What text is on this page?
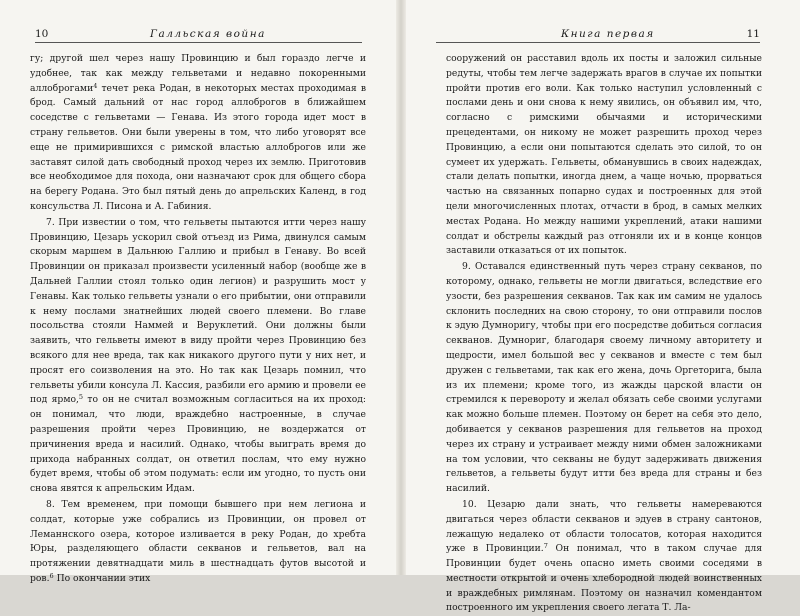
10	Галльская война

гу; другой шел через нашу Провинцию и был гораздо легче и удобнее, так как между гельветами и недавно покоренными аллоброгами$^4$ течет река Родан, в некоторых местах проходимая в брод. Самый дальний от нас город аллоброгов в ближайшем соседстве с гельветами — Генава. Из этого города идет мост в страну гельветов. Они были уверены в том, что либо уговорят все еще не примирившихся с римской властью аллоброгов или же заставят силой дать свободный проход через их землю. Приготовив все необходимое для похода, они назначают срок для общего сбора на берегу Родана. Это был пятый день до апрельских Календ, в год консульства Л. Писона и А. Габиния.

7. При известии о том, что гельветы пытаются итти через нашу Провинцию, Цезарь ускорил свой отъезд из Рима, двинулся самым скорым маршем в Дальнюю Галлию и прибыл в Генаву. Во всей Провинции он приказал произвести усиленный набор (вообще же в Дальней Галлии стоял только один легион) и разрушить мост у Генавы. Как только гельветы узнали о его прибытии, они отправили к нему послами знатнейших людей своего племени. Во главе посольства стояли Наммей и Веруклетий. Они должны были заявить, что гельветы имеют в виду пройти через Провинцию без всякого для нее вреда, так как никакого другого пути у них нет, и просят его соизволения на это. Но так как Цезарь помнил, что гельветы убили консула Л. Кассия, разбили его армию и провели ее под ярмо,$^5$ то он не считал возможным согласиться на их проход: он понимал, что люди, враждебно настроенные, в случае разрешения пройти через Провинцию, не воздержатся от причинения вреда и насилий. Однако, чтобы выиграть время до прихода набранных солдат, он ответил послам, что ему нужно будет время, чтобы об этом подумать: если им угодно, то пусть они снова явятся к апрельским Идам.

8. Тем временем, при помощи бывшего при нем легиона и солдат, которые уже собрались из Провинции, он провел от Леманнского озера, которое изливается в реку Родан, до хребта Юры, разделяющего области секванов и гельветов, вал на протяжении девятнадцати миль в шестнадцать футов высотой и ров.$^6$ По окончании этих

Книга первая	11

сооружений он расставил вдоль их посты и заложил сильные редуты, чтобы тем легче задержать врагов в случае их попытки пройти против его воли. Как только наступил условленный с послами день и они снова к нему явились, он объявил им, что, согласно с римскими обычаями и историческими прецедентами, он никому не может разрешить проход через Провинцию, а если они попытаются сделать это силой, то он сумеет их удержать. Гельветы, обманувшись в своих надеждах, стали делать попытки, иногда днем, а чаще ночью, прорваться частью на связанных попарно судах и построенных для этой цели многочисленных плотах, отчасти в брод, в самых мелких местах Родана. Но между нашими укреплений, атаки нашими солдат и обстрелы каждый раз отгоняли их и в конце концов заставили отказаться от их попыток.

9. Оставался единственный путь через страну секванов, по которому, однако, гельветы не могли двигаться, вследствие его узости, без разрешения секванов. Так как им самим не удалось склонить последних на свою сторону, то они отправили послов к эдую Думноригу, чтобы при его посредстве добиться согласия секванов. Думнориг, благодаря своему личному авторитету и щедрости, имел большой вес у секванов и вместе с тем был дружен с гельветами, так как его жена, дочь Оргеторига, была из их племени; кроме того, из жажды царской власти он стремился к перевороту и желал обязать себе своими услугами как можно больше племен. Поэтому он берет на себя это дело, добивается у секванов разрешения для гельветов на проход через их страну и устраивает между ними обмен заложниками на том условии, что секваны не будут задерживать движения гельветов, а гельветы будут итти без вреда для страны и без насилий.

10. Цезарю дали знать, что гельветы намереваются двигаться через области секванов и эдуев в страну сантонов, лежащую недалеко от области толосатов, которая находится уже в Провинции.$^7$ Он понимал, что в таком случае для Провинции будет очень опасно иметь своими соседями в местности открытой и очень хлебородной людей воинственных и враждебных римлянам. Поэтому он назначил комендантом построенного им укрепления своего легата Т. Ла-
